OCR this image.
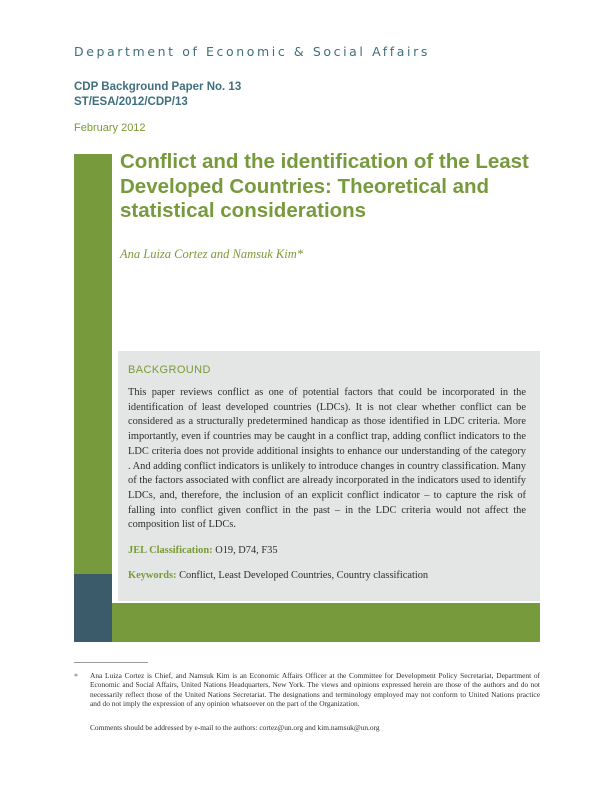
Department of Economic & Social Affairs
CDP Background Paper No. 13
ST/ESA/2012/CDP/13
February 2012
Conflict and the identification of the Least Developed Countries: Theoretical and statistical considerations
Ana Luiza Cortez and Namsuk Kim*
BACKGROUND
This paper reviews conflict as one of potential factors that could be incorporated in the identification of least developed countries (LDCs). It is not clear whether conflict can be considered as a structurally predetermined handicap as those identified in LDC criteria. More importantly, even if countries may be caught in a conflict trap, adding conflict indicators to the LDC criteria does not provide additional insights to enhance our understanding of the category . And adding conflict indicators is unlikely to introduce changes in country classification. Many of the factors associated with conflict are already incorporated in the indicators used to identify LDCs, and, therefore, the inclusion of an explicit conflict indicator – to capture the risk of falling into conflict given conflict in the past – in the LDC criteria would not affect the composition list of LDCs.
JEL Classification: O19, D74, F35
Keywords: Conflict, Least Developed Countries, Country classification
* Ana Luiza Cortez is Chief, and Namsuk Kim is an Economic Affairs Officer at the Committee for Development Policy Secretariat, Department of Economic and Social Affairs, United Nations Headquarters, New York. The views and opinions expressed herein are those of the authors and do not necessarily reflect those of the United Nations Secretariat. The designations and terminology employed may not conform to United Nations practice and do not imply the expression of any opinion whatsoever on the part of the Organization.
Comments should be addressed by e-mail to the authors: cortez@un.org and kim.namsuk@un.org
